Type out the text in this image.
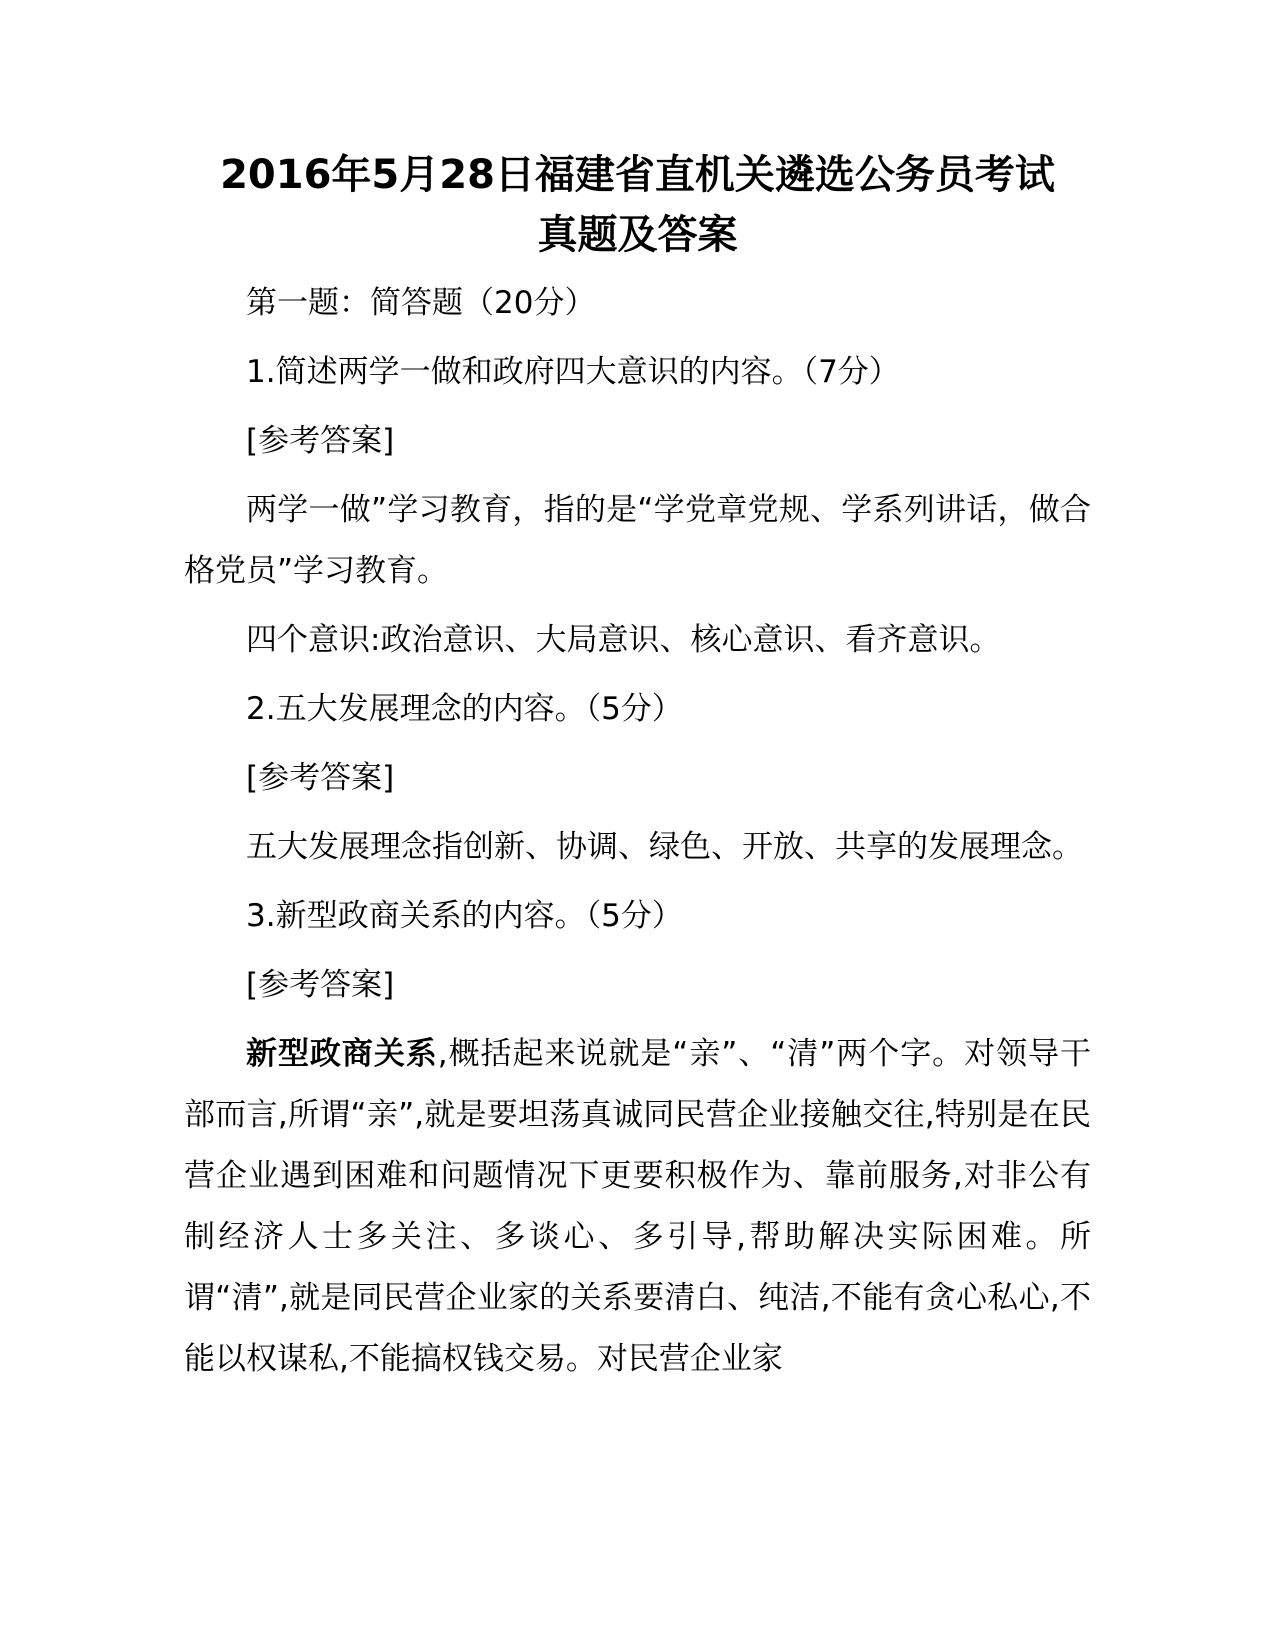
2016年5月28日福建省直机关遴选公务员考试
真题及答案

第一题：简答题（20分）

1.简述两学一做和政府四大意识的内容。（7分）

[参考答案]

两学一做”学习教育，指的是“学党章党规、学系列讲话，做合格党员”学习教育。

四个意识:政治意识、大局意识、核心意识、看齐意识。

2.五大发展理念的内容。（5分）

[参考答案]

五大发展理念指创新、协调、绿色、开放、共享的发展理念。

3.新型政商关系的内容。（5分）

[参考答案]

新型政商关系,概括起来说就是“亲”、“清”两个字。对领导干部而言,所谓“亲”,就是要坦荡真诚同民营企业接触交往,特别是在民营企业遇到困难和问题情况下更要积极作为、靠前服务,对非公有制经济人士多关注、多谈心、多引导,帮助解决实际困难。所谓“清”,就是同民营企业家的关系要清白、纯洁,不能有贪心私心,不能以权谋私,不能搞权钱交易。对民营企业家
